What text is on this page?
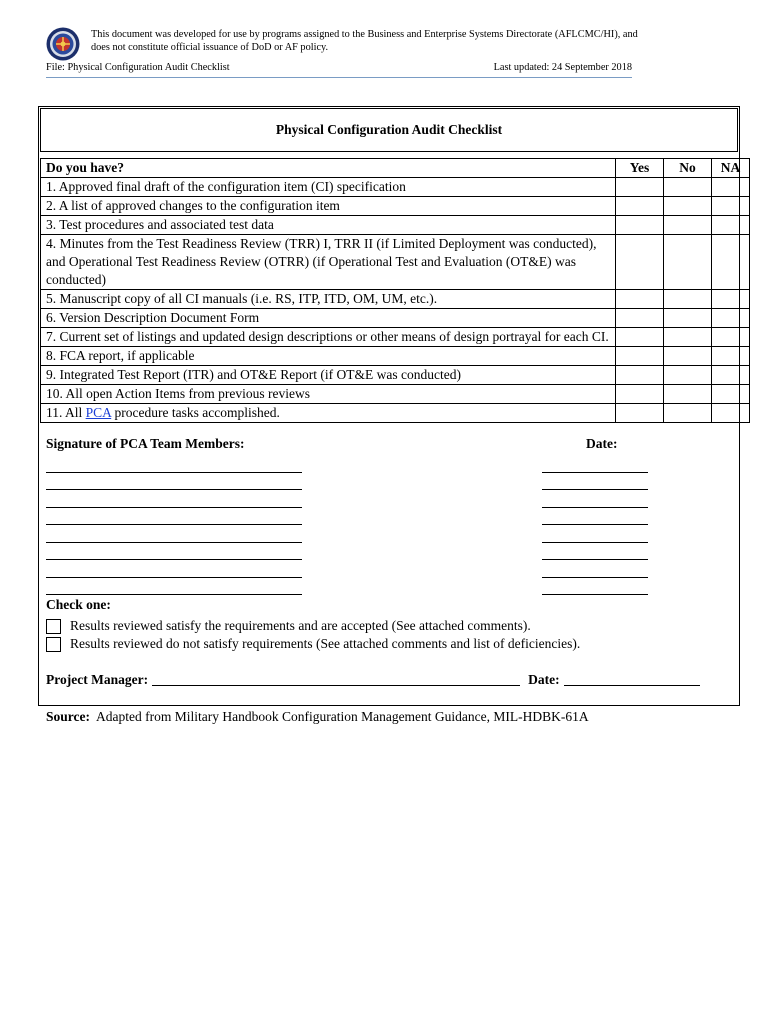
This document was developed for use by programs assigned to the Business and Enterprise Systems Directorate (AFLCMC/HI), and does not constitute official issuance of DoD or AF policy.
File: Physical Configuration Audit Checklist	Last updated: 24 September 2018
Physical Configuration Audit Checklist
Do you have?	Yes	No	NA
1. Approved final draft of the configuration item (CI) specification			
2. A list of approved changes to the configuration item			
3. Test procedures and associated test data			
4. Minutes from the Test Readiness Review (TRR) I, TRR II (if Limited Deployment was conducted), and Operational Test Readiness Review (OTRR) (if Operational Test and Evaluation (OT&E) was conducted)			
5. Manuscript copy of all CI manuals (i.e. RS, ITP, ITD, OM, UM, etc.).			
6. Version Description Document Form			
7. Current set of listings and updated design descriptions or other means of design portrayal for each CI.			
8. FCA report, if applicable			
9. Integrated Test Report (ITR) and OT&E Report (if OT&E was conducted)			
10. All open Action Items from previous reviews			
11. All PCA procedure tasks accomplished.			
Signature of PCA Team Members:	Date:
Check one:
Results reviewed satisfy the requirements and are accepted (See attached comments).
Results reviewed do not satisfy requirements (See attached comments and list of deficiencies).
Project Manager:	Date:
Source: Adapted from Military Handbook Configuration Management Guidance, MIL-HDBK-61A
